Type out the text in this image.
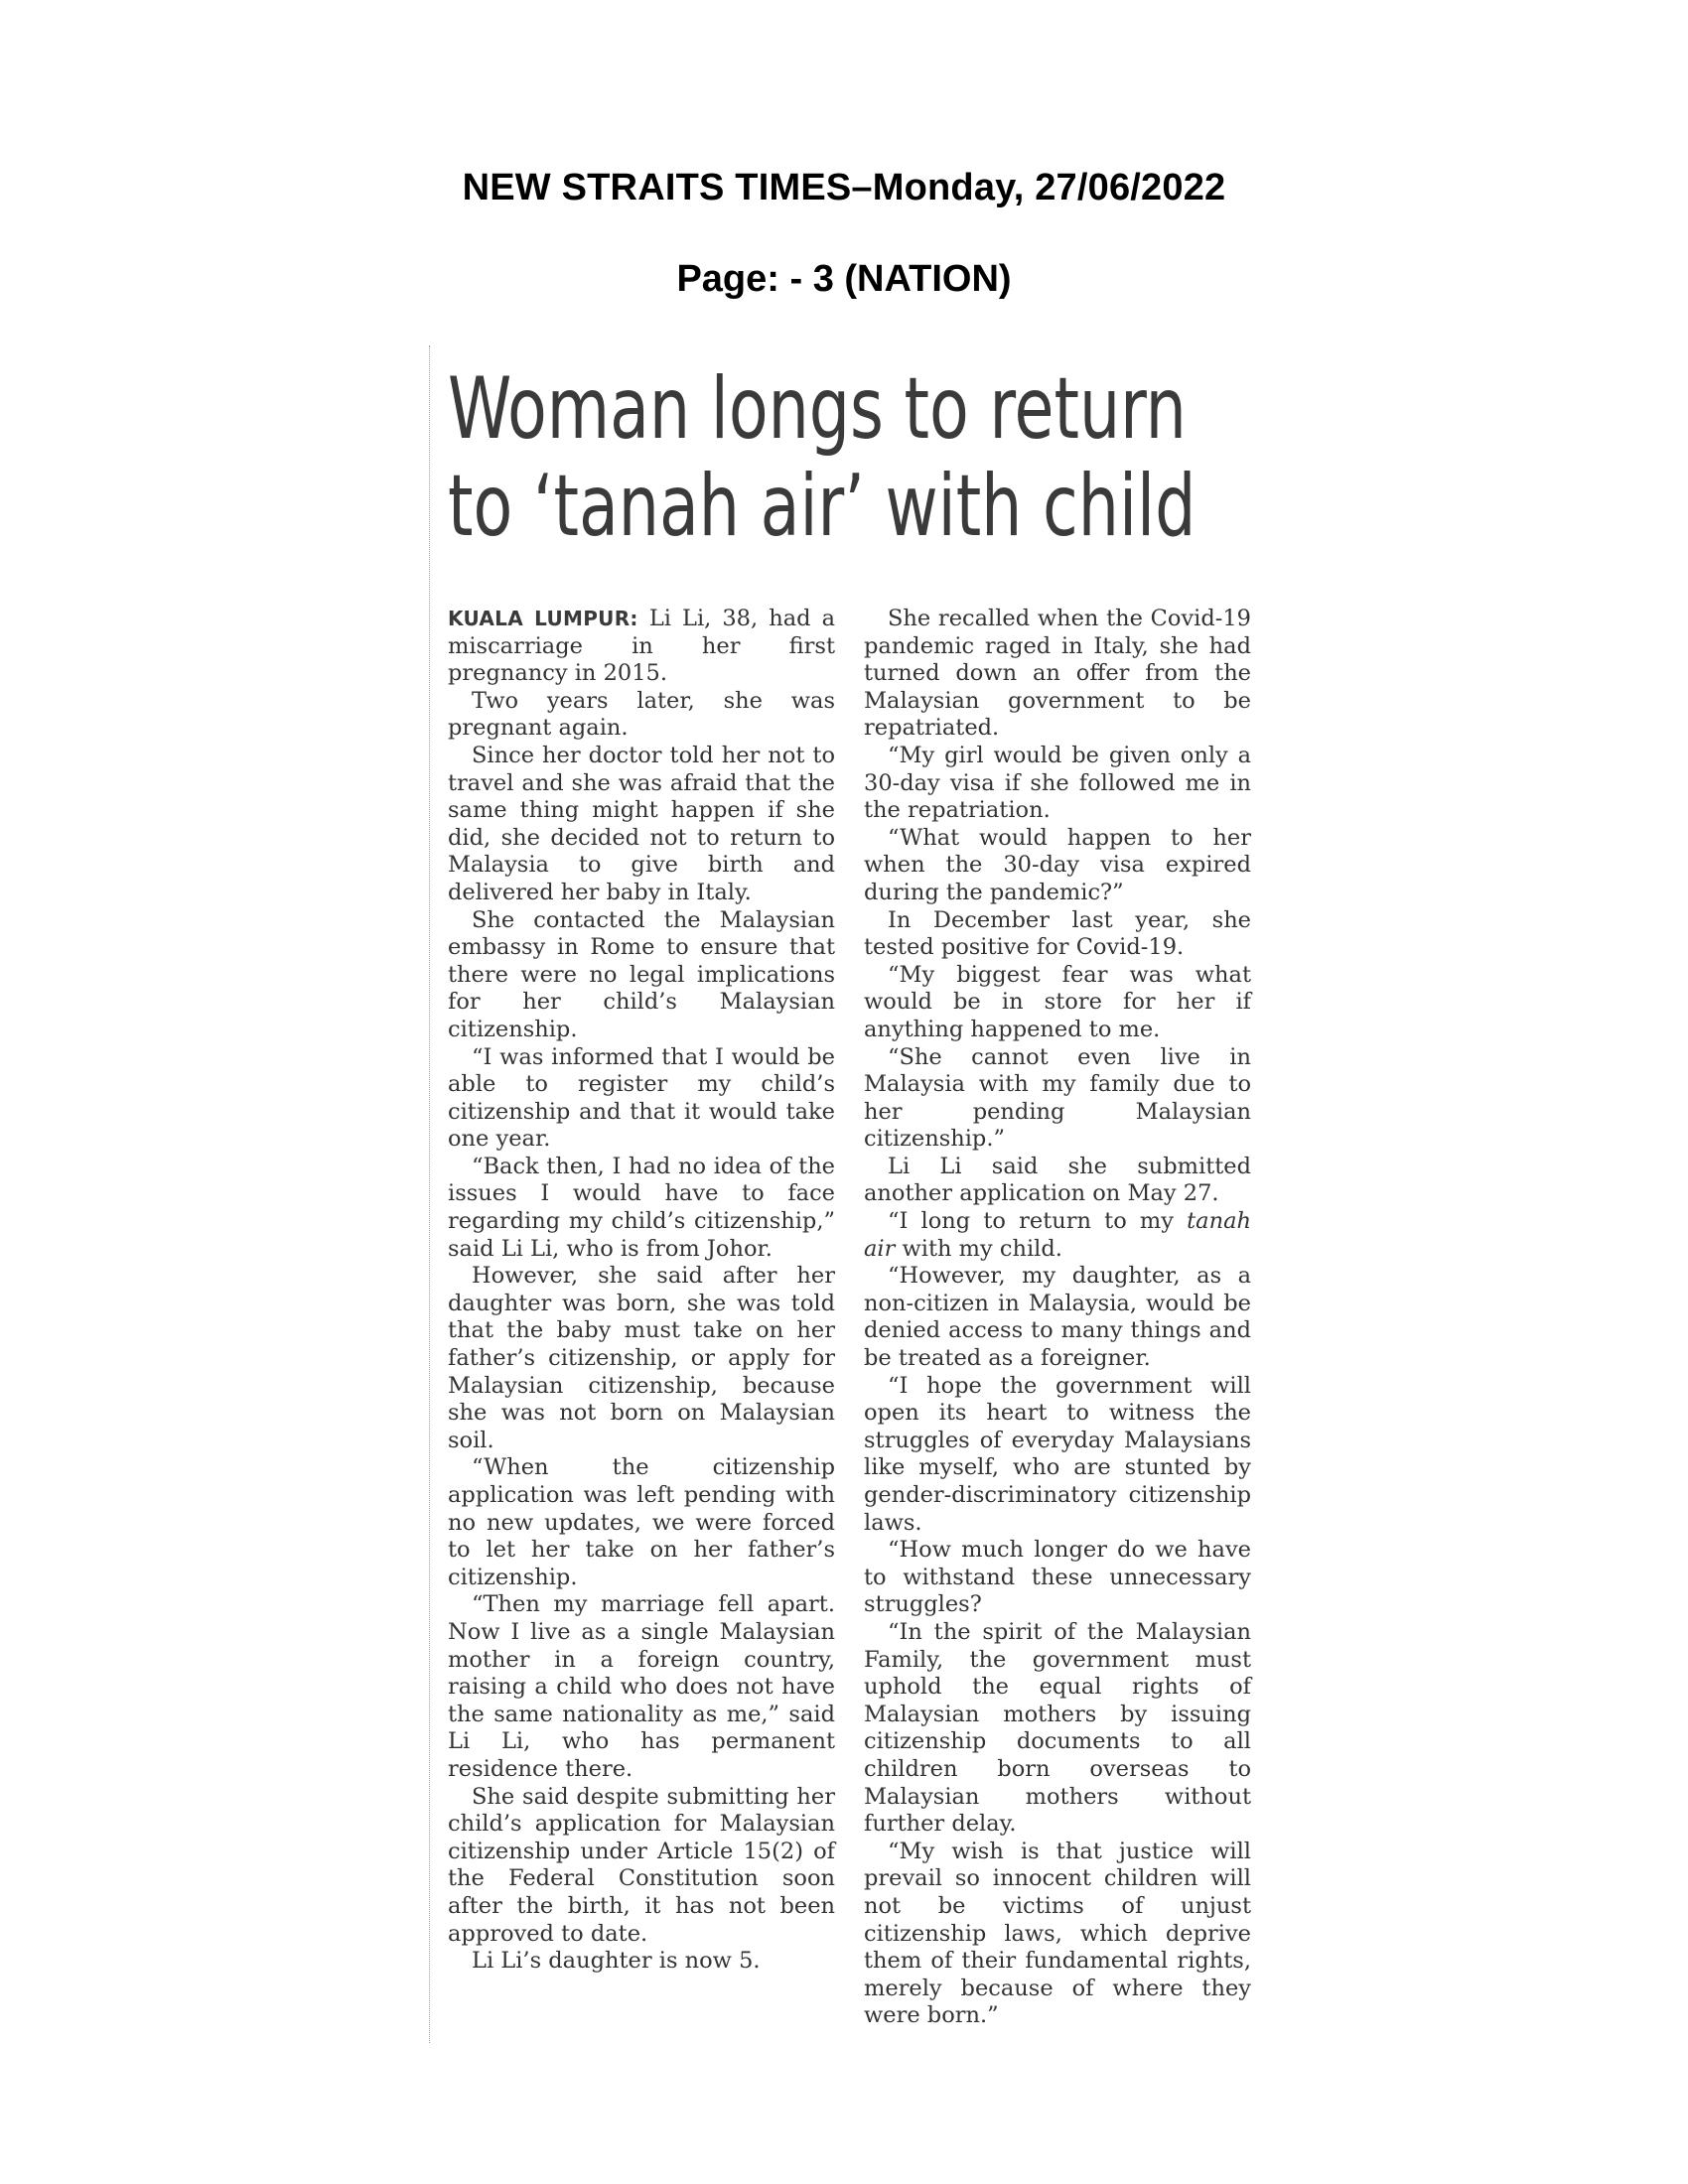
NEW STRAITS TIMES–Monday, 27/06/2022
Page: - 3 (NATION)
Woman longs to return
to ‘tanah air’ with child

KUALA LUMPUR: Li Li, 38, had a miscarriage in her first pregnancy in 2015.

Two years later, she was pregnant again.

Since her doctor told her not to travel and she was afraid that the same thing might happen if she did, she decided not to return to Malaysia to give birth and delivered her baby in Italy.

She contacted the Malaysian embassy in Rome to ensure that there were no legal implications for her child’s Malaysian citizenship.

“I was informed that I would be able to register my child’s citizenship and that it would take one year.

“Back then, I had no idea of the issues I would have to face regarding my child’s citizenship,” said Li Li, who is from Johor.

However, she said after her daughter was born, she was told that the baby must take on her father’s citizenship, or apply for Malaysian citizenship, because she was not born on Malaysian soil.

“When the citizenship application was left pending with no new updates, we were forced to let her take on her father’s citizenship.

“Then my marriage fell apart. Now I live as a single Malaysian mother in a foreign country, raising a child who does not have the same nationality as me,” said Li Li, who has permanent residence there.

She said despite submitting her child’s application for Malaysian citizenship under Article 15(2) of the Federal Constitution soon after the birth, it has not been approved to date.

Li Li’s daughter is now 5.

She recalled when the Covid-19 pandemic raged in Italy, she had turned down an offer from the Malaysian government to be repatriated.

“My girl would be given only a 30-day visa if she followed me in the repatriation.

“What would happen to her when the 30-day visa expired during the pandemic?”

In December last year, she tested positive for Covid-19.

“My biggest fear was what would be in store for her if anything happened to me.

“She cannot even live in Malaysia with my family due to her pending Malaysian citizenship.”

Li Li said she submitted another application on May 27.

“I long to return to my tanah air with my child.

“However, my daughter, as a non-citizen in Malaysia, would be denied access to many things and be treated as a foreigner.

“I hope the government will open its heart to witness the struggles of everyday Malaysians like myself, who are stunted by gender-discriminatory citizenship laws.

“How much longer do we have to withstand these unnecessary struggles?

“In the spirit of the Malaysian Family, the government must uphold the equal rights of Malaysian mothers by issuing citizenship documents to all children born overseas to Malaysian mothers without further delay.

“My wish is that justice will prevail so innocent children will not be victims of unjust citizenship laws, which deprive them of their fundamental rights, merely because of where they were born.”
